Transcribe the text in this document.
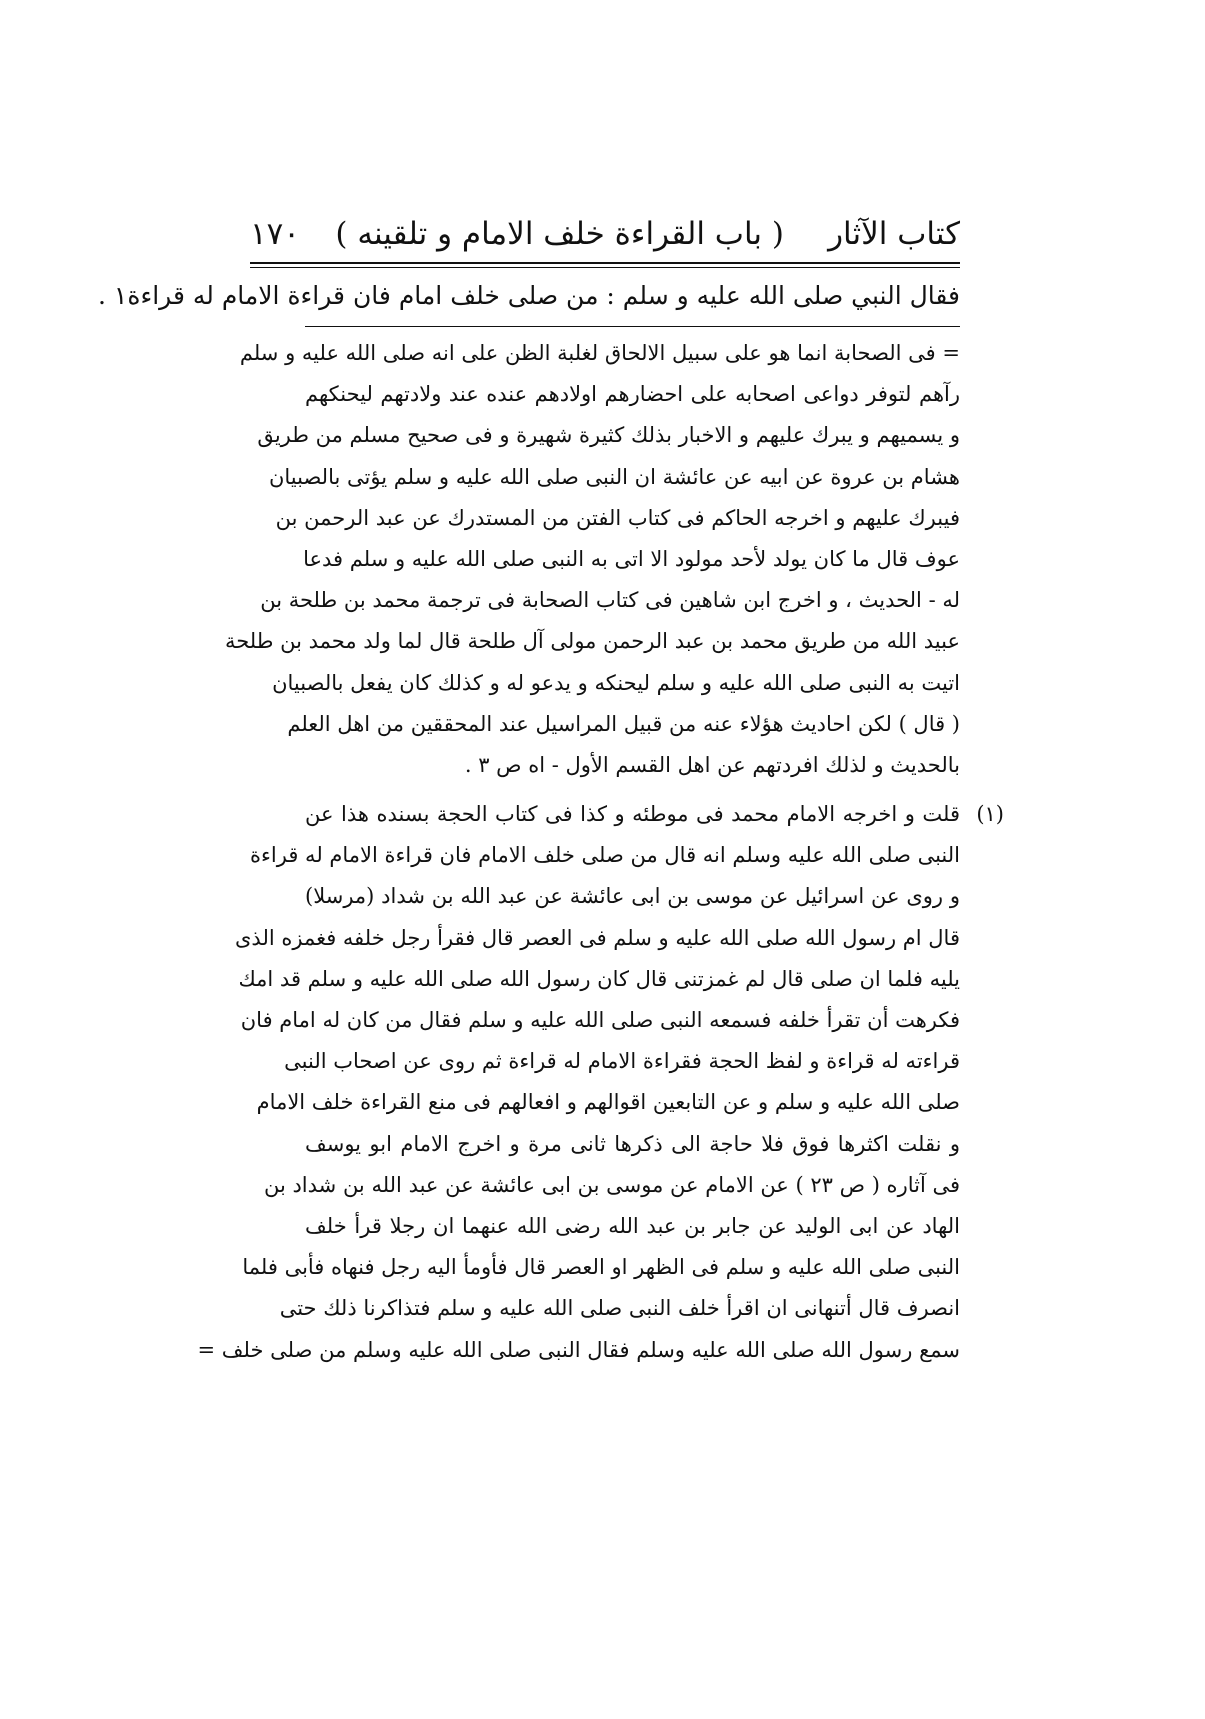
كتاب الآثار
( باب القراءة خلف الامام و تلقينه )
١٧٠
فقال النبي صلى الله عليه و سلم : من صلى خلف امام فان قراءة الامام له قراءة١ .
= فى الصحابة انما هو على سبيل الالحاق لغلبة الظن على انه صلى الله عليه و سلم
رآهم لتوفر دواعى اصحابه على احضارهم اولادهم عنده عند ولادتهم ليحنكهم
و يسميهم و يبرك عليهم و الاخبار بذلك كثيرة شهيرة و فى صحيح مسلم من طريق
هشام بن عروة عن ابيه عن عائشة ان النبى صلى الله عليه و سلم يؤتى بالصبيان
فيبرك عليهم و اخرجه الحاكم فى كتاب الفتن من المستدرك عن عبد الرحمن بن
عوف قال ما كان يولد لأحد مولود الا اتى به النبى صلى الله عليه و سلم فدعا
له - الحديث ، و اخرج ابن شاهين فى كتاب الصحابة فى ترجمة محمد بن طلحة بن
عبيد الله من طريق محمد بن عبد الرحمن مولى آل طلحة قال لما ولد محمد بن طلحة
اتيت به النبى صلى الله عليه و سلم ليحنكه و يدعو له و كذلك كان يفعل بالصبيان
( قال ) لكن احاديث هؤلاء عنه من قبيل المراسيل عند المحققين من اهل العلم
بالحديث و لذلك افردتهم عن اهل القسم الأول - اه ص ٣ .
(١)
قلت و اخرجه الامام محمد فى موطئه و كذا فى كتاب الحجة بسنده هذا عن
النبى صلى الله عليه وسلم انه قال من صلى خلف الامام فان قراءة الامام له قراءة
و روى عن اسرائيل عن موسى بن ابى عائشة عن عبد الله بن شداد (مرسلا)
قال ام رسول الله صلى الله عليه و سلم فى العصر قال فقرأ رجل خلفه فغمزه الذى
يليه فلما ان صلى قال لم غمزتنى قال كان رسول الله صلى الله عليه و سلم قد امك
فكرهت أن تقرأ خلفه فسمعه النبى صلى الله عليه و سلم فقال من كان له امام فان
قراءته له قراءة و لفظ الحجة فقراءة الامام له قراءة ثم روى عن اصحاب النبى
صلى الله عليه و سلم و عن التابعين اقوالهم و افعالهم فى منع القراءة خلف الامام
و نقلت اكثرها فوق فلا حاجة الى ذكرها ثانى مرة و اخرج الامام ابو يوسف
فى آثاره ( ص ٢٣ ) عن الامام عن موسى بن ابى عائشة عن عبد الله بن شداد بن
الهاد عن ابى الوليد عن جابر بن عبد الله رضى الله عنهما ان رجلا قرأ خلف
النبى صلى الله عليه و سلم فى الظهر او العصر قال فأومأ اليه رجل فنهاه فأبى فلما
انصرف قال أتنهانى ان اقرأ خلف النبى صلى الله عليه و سلم فتذاكرنا ذلك حتى
سمع رسول الله صلى الله عليه وسلم فقال النبى صلى الله عليه وسلم من صلى خلف =
